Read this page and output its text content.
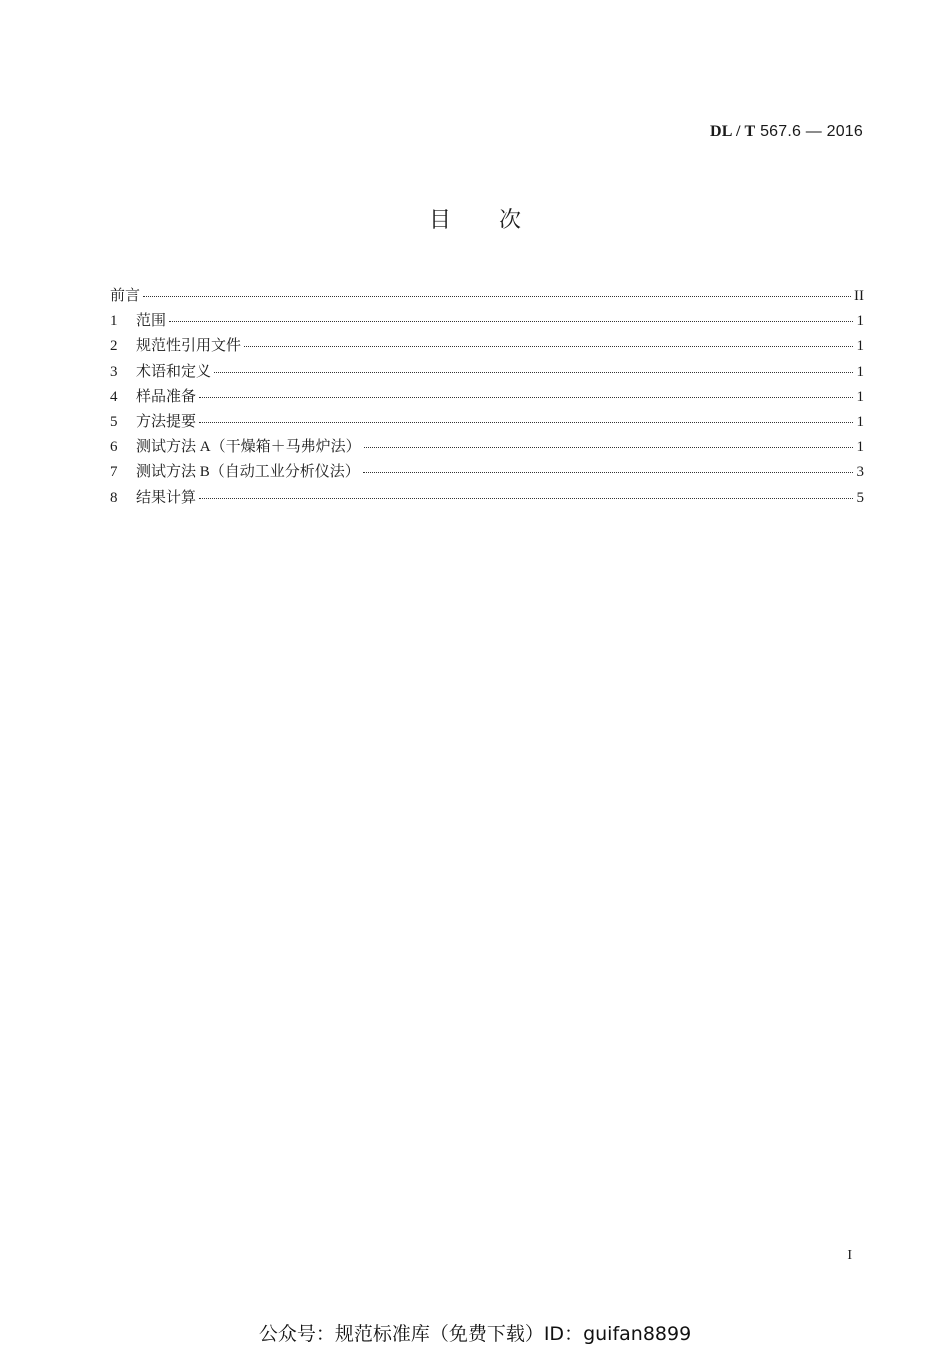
DL / T 567.6 — 2016
目次
前言	II
1	范围	1
2	规范性引用文件	1
3	术语和定义	1
4	样品准备	1
5	方法提要	1
6	测试方法 A（干燥箱＋马弗炉法）	1
7	测试方法 B（自动工业分析仪法）	3
8	结果计算	5
I
公众号：规范标准库（免费下载）ID：guifan8899
